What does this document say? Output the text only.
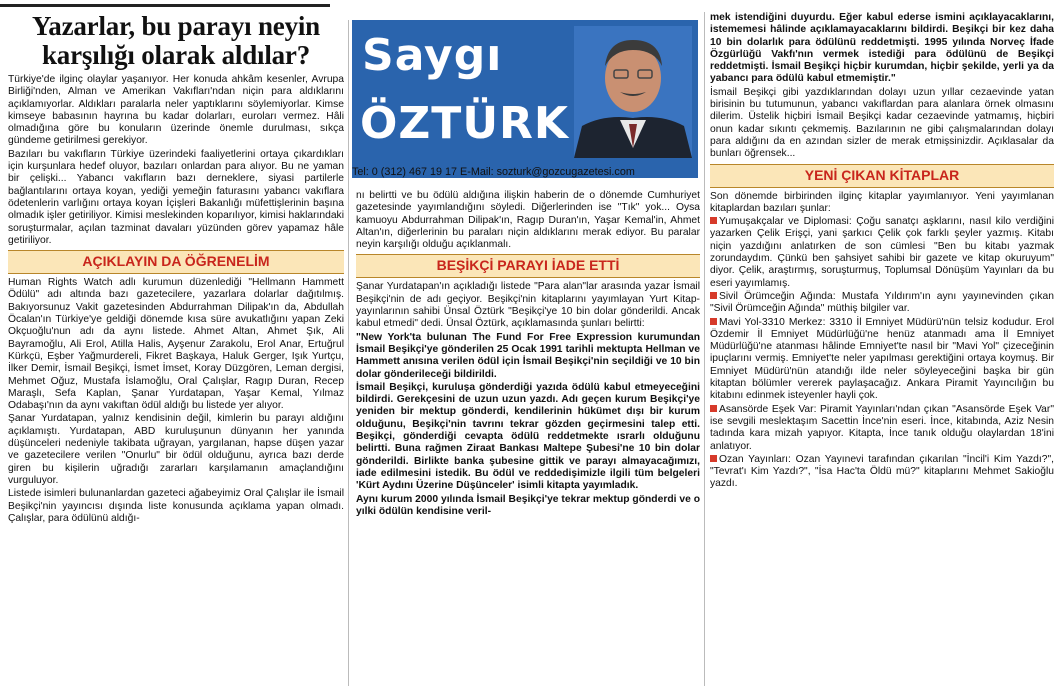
Yazarlar, bu parayı neyin karşılığı olarak aldılar?

Türkiye'de ilginç olaylar yaşanıyor. Her konuda ahkâm kesenler, Avrupa Birliği'nden, Alman ve Amerikan Vakıfları'ndan niçin para aldıklarını açıklamıyorlar. Aldıkları paralarla neler yaptıklarını söylemiyorlar. Kimse kimseye babasının hayrına bu kadar dolarları, euroları vermez. Hâli olmadığına göre bu konuların üzerinde önemle durulması, sıkça gündeme getirilmesi gerekiyor.

Bazıları bu vakıfların Türkiye üzerindeki faaliyetlerini ortaya çıkardıkları için kurşunlara hedef oluyor, bazıları onlardan para alıyor. Bu ne yaman bir çelişki... Yabancı vakıfların bazı derneklere, siyasi partilerle bağlantılarını ortaya koyan, yediği yemeğin faturasını yabancı vakıflara ödetenlerin varlığını ortaya koyan İçişleri Bakanlığı müfettişlerinin başına olmadık işler getiriliyor. Kimisi meslekinden koparılıyor, kimisi haklarındaki soruşturmalar, açılan tazminat davaları yüzünden görev yapamaz hâle getiriliyor.

AÇIKLAYIN DA ÖĞRENELİM

Human Rights Watch adlı kurumun düzenlediği "Hellmann Hammett Ödülü" adı altında bazı gazetecilere, yazarlara dolarlar dağıtılmış. Bakıyorsunuz Vakit gazetesinden Abdurrahman Dilipak'ın da, Abdullah Öcalan'ın Türkiye'ye geldiği dönemde kısa süre avukatlığını yapan Zeki Okçuoğlu'nun adı da aynı listede. Ahmet Altan, Ahmet Şık, Ali Bayramoğlu, Ali Erol, Atilla Halis, Ayşenur Zarakolu, Erol Anar, Ertuğrul Kürkçü, Eşber Yağmurdereli, Fikret Başkaya, Haluk Gerger, Işık Yurtçu, İlker Demir, İsmail Beşikçi, İsmet İmset, Koray Düzgören, Leman dergisi, Mehmet Oğuz, Mustafa İslamoğlu, Oral Çalışlar, Ragıp Duran, Recep Maraşlı, Sefa Kaplan, Şanar Yurdatapan, Yaşar Kemal, Yılmaz Odabaşı'nın da aynı vakıftan ödül aldığı bu listede yer alıyor.

Şanar Yurdatapan, yalnız kendisinin değil, kimlerin bu parayı aldığını açıklamıştı. Yurdatapan, ABD kuruluşunun dünyanın her yanında düşünceleri nedeniyle takibata uğrayan, yargılanan, hapse düşen yazar ve gazetecilere verilen "Onurlu" bir ödül olduğunu, ayrıca bazı derde giren bu kişilerin uğradığı zararları karşılamanın amaçlandığını vurguluyor.

Listede isimleri bulunanlardan gazeteci ağabeyimiz Oral Çalışlar ile İsmail Beşikçi'nin yayıncısı dışında liste konusunda açıklama yapan olmadı. Çalışlar, para ödülünü aldığı-

Saygı
ÖZTÜRK
Tel: 0 (312) 467 19 17 E-Mail: sozturk@gozcugazetesi.com

nı belirtti ve bu ödülü aldığına ilişkin haberin de o dönemde Cumhuriyet gazetesinde yayımlandığını söyledi. Diğerlerinden ise "Tık" yok... Oysa kamuoyu Abdurrahman Dilipak'ın, Ragıp Duran'ın, Yaşar Kemal'in, Ahmet Altan'ın, diğerlerinin bu paraları niçin aldıklarını merak ediyor. Bu paralar neyin karşılığı olduğu açıklanmalı.

BEŞİKÇİ PARAYI İADE ETTİ

Şanar Yurdatapan'ın açıkladığı listede "Para alan"lar arasında yazar İsmail Beşikçi'nin de adı geçiyor. Beşikçi'nin kitaplarını yayımlayan Yurt Kitap-yayınlarının sahibi Ünsal Öztürk "Beşikçi'ye 10 bin dolar gönderildi. Ancak kabul etmedi" dedi. Ünsal Öztürk, açıklamasında şunları belirtti:

"New York'ta bulunan The Fund For Free Expression kurumundan İsmail Beşikçi'ye gönderilen 25 Ocak 1991 tarihli mektupta Hellman ve Hammett anısına verilen ödül için İsmail Beşikçi'nin seçildiği ve 10 bin dolar gönderileceği bildirildi.

İsmail Beşikçi, kuruluşa gönderdiği yazıda ödülü kabul etmeyeceğini bildirdi. Gerekçesini de uzun uzun yazdı. Adı geçen kurum Beşikçi'ye yeniden bir mektup gönderdi, kendilerinin hükümet dışı bir kurum olduğunu, Beşikçi'nin tavrını tekrar gözden geçirmesini talep etti. Beşikçi, gönderdiği cevapta ödülü reddetmekte ısrarlı olduğunu belirtti. Buna rağmen Ziraat Bankası Maltepe Şubesi'ne 10 bin dolar gönderildi. Birlikte banka şubesine gittik ve parayı almayacağımızı, iade edilmesini istedik. Bu ödül ve reddedişimizle ilgili tüm belgeleri 'Kürt Aydını Üzerine Düşünceler' isimli kitapta yayımladık.

Aynı kurum 2000 yılında İsmail Beşikçi'ye tekrar mektup gönderdi ve o yılki ödülün kendisine veril-

mek istendiğini duyurdu. Eğer kabul ederse ismini açıklayacaklarını, istememesi hâlinde açıklamayacaklarını bildirdi. Beşikçi bir kez daha 10 bin dolarlık para ödülünü reddetmişti. 1995 yılında Norveç İfade Özgürlüğü Vakfı'nın vermek istediği para ödülünü de Beşikçi reddetmişti. İsmail Beşikçi hiçbir kurumdan, hiçbir şekilde, yerli ya da yabancı para ödülü kabul etmemiştir."

İsmail Beşikçi gibi yazdıklarından dolayı uzun yıllar cezaevinde yatan birisinin bu tutumunun, yabancı vakıflardan para alanlara örnek olmasını dilerim. Üstelik hiçbiri İsmail Beşikçi kadar cezaevinde yatmamış, hiçbiri onun kadar sıkıntı çekmemiş. Bazılarının ne gibi çalışmalarından dolayı para aldığını da en azından sizler de merak etmişsinizdir. Açıklasalar da bunları öğrensek...

YENİ ÇIKAN KİTAPLAR

Son dönemde birbirinden ilginç kitaplar yayımlanıyor. Yeni yayımlanan kitaplardan bazıları şunlar:

Yumuşakçalar ve Diplomasi: Çoğu sanatçı aşklarını, nasıl kilo verdiğini yazarken Çelik Erişçi, yani şarkıcı Çelik çok farklı şeyler yazmış. Kitabı niçin yazdığını anlatırken de son cümlesi "Ben bu kitabı yazmak zorundaydım. Çünkü ben şahsiyet sahibi bir gazete ve kitap okuruyum" diyor. Çelik, araştırmış, soruşturmuş, Toplumsal Dönüşüm Yayınları da bu eseri yayımlamış.

Sivil Örümceğin Ağında: Mustafa Yıldırım'ın aynı yayınevinden çıkan "Sivil Örümceğin Ağında" müthiş bilgiler var.

Mavi Yol-3310 Merkez: 3310 İl Emniyet Müdürü'nün telsiz kodudur. Erol Özdemir İl Emniyet Müdürlüğü'ne henüz atanmadı ama İl Emniyet Müdürlüğü'ne atanması hâlinde Emniyet'te nasıl bir "Mavi Yol" çizeceğinin ipuçlarını vermiş. Emniyet'te neler yapılması gerektiğini ortaya koymuş. Bir Emniyet Müdürü'nün atandığı ilde neler söyleyeceğini başka bir gün kitaptan bölümler vererek paylaşacağız. Ankara Piramit Yayıncılığın bu kitabını edinmek isteyenler hayli çok.

Asansörde Eşek Var: Piramit Yayınları'ndan çıkan "Asansörde Eşek Var" ise sevgili meslektaşım Sacettin İnce'nin eseri. İnce, kitabında, Aziz Nesin tadında kara mizah yapıyor. Kitapta, İnce tanık olduğu olaylardan 18'ini anlatıyor.

Ozan Yayınları: Ozan Yayınevi tarafından çıkarılan "İncil'i Kim Yazdı?", "Tevrat'ı Kim Yazdı?", "İsa Hac'ta Öldü mü?" kitaplarını Mehmet Sakioğlu yazdı.
